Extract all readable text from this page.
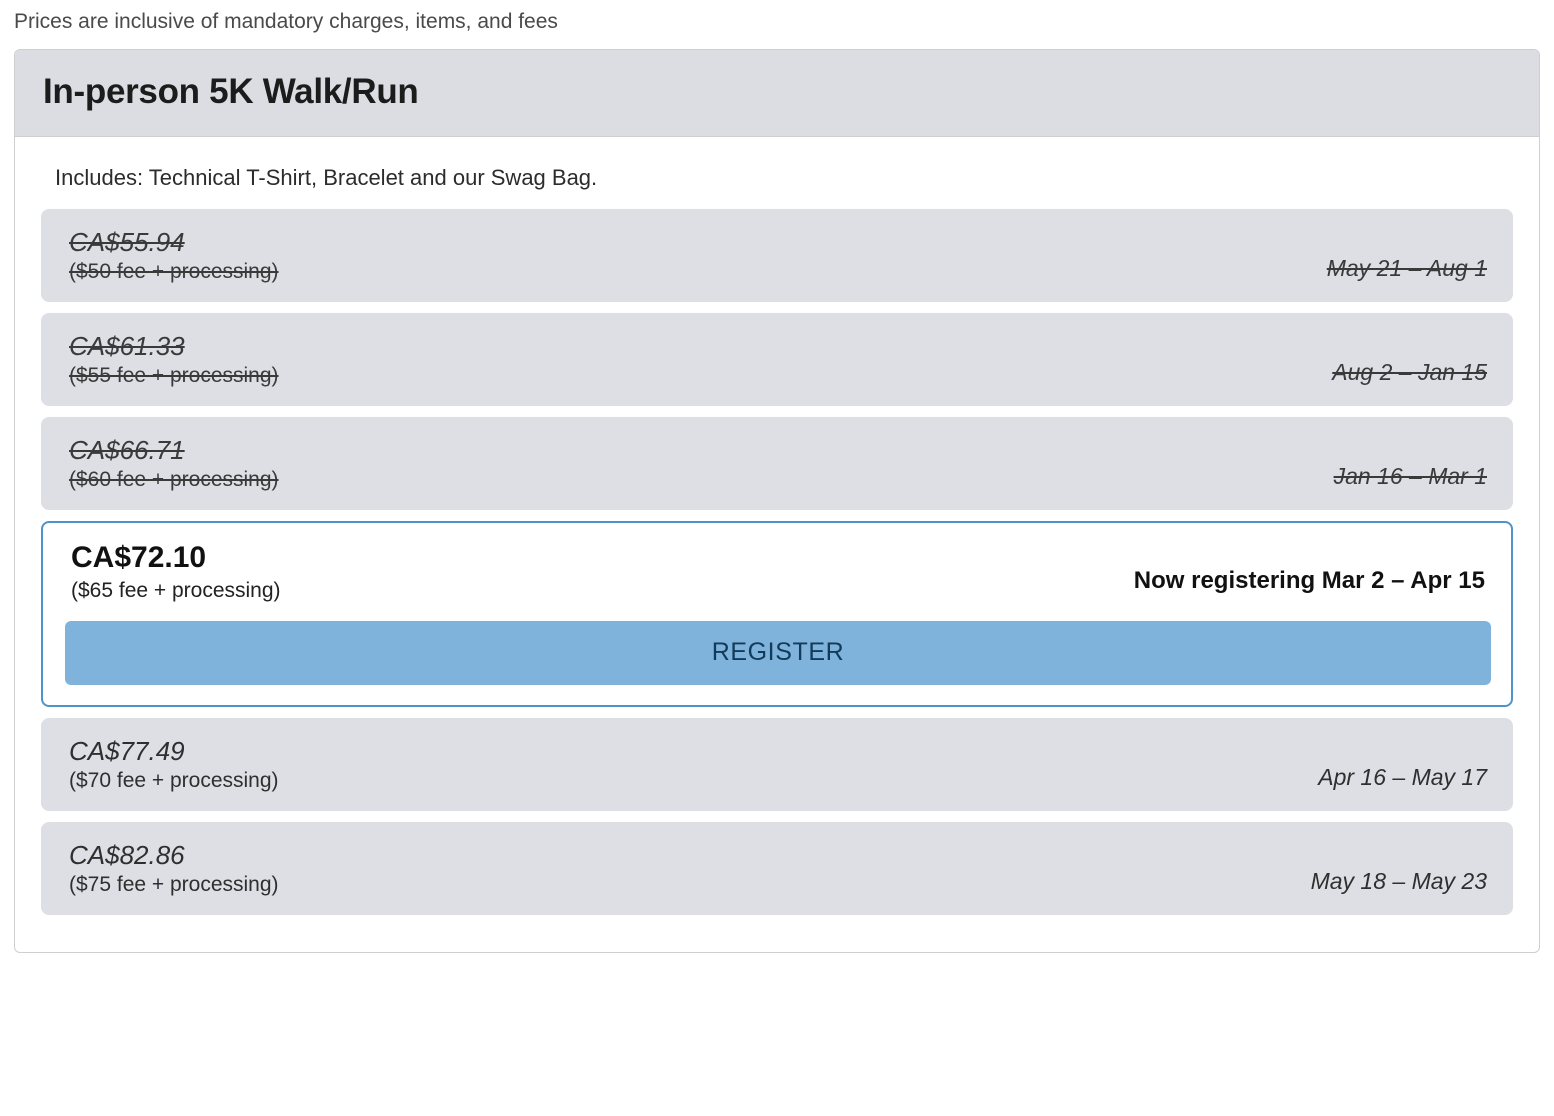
Prices are inclusive of mandatory charges, items, and fees
In-person 5K Walk/Run
Includes: Technical T-Shirt, Bracelet and our Swag Bag.
CA$55.94
($50 fee + processing)	May 21 – Aug 1
CA$61.33
($55 fee + processing)	Aug 2 – Jan 15
CA$66.71
($60 fee + processing)	Jan 16 – Mar 1
CA$72.10
($65 fee + processing)	Now registering Mar 2 – Apr 15
REGISTER
CA$77.49
($70 fee + processing)	Apr 16 – May 17
CA$82.86
($75 fee + processing)	May 18 – May 23
